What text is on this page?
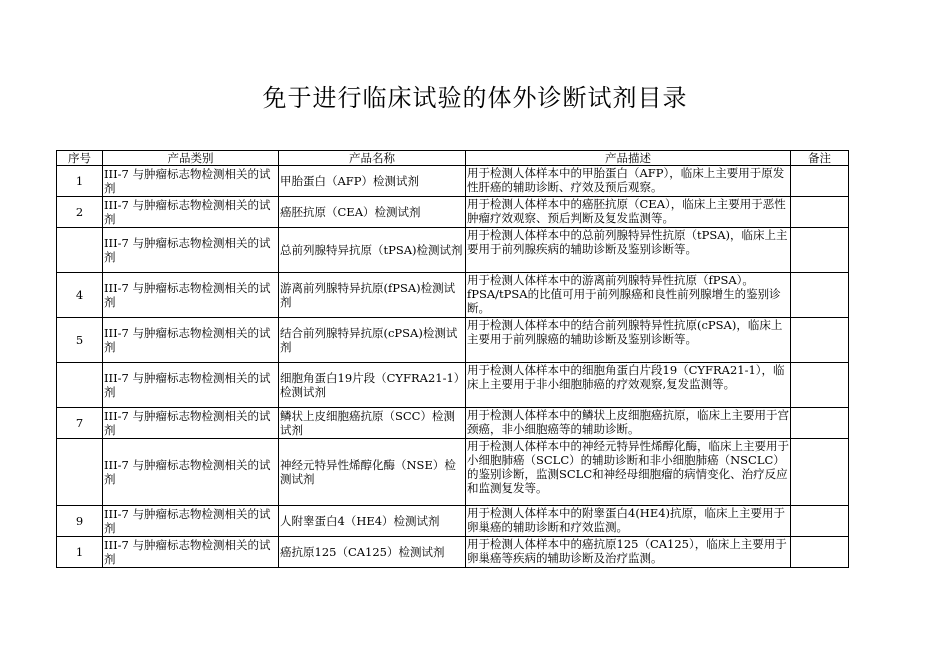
免于进行临床试验的体外诊断试剂目录
序号	产品类别	产品名称	产品描述	备注
1	III-7 与肿瘤标志物检测相关的试剂	甲胎蛋白（AFP）检测试剂	用于检测人体样本中的甲胎蛋白（AFP），临床上主要用于原发性肝癌的辅助诊断、疗效及预后观察。	
2	III-7 与肿瘤标志物检测相关的试剂	癌胚抗原（CEA）检测试剂	用于检测人体样本中的癌胚抗原（CEA），临床上主要用于恶性肿瘤疗效观察、预后判断及复发监测等。	
	III-7 与肿瘤标志物检测相关的试剂	总前列腺特异抗原（tPSA)检测试剂	用于检测人体样本中的总前列腺特异性抗原（tPSA)，临床上主要用于前列腺疾病的辅助诊断及鉴别诊断等。	
4	III-7 与肿瘤标志物检测相关的试剂	游离前列腺特异抗原(fPSA)检测试剂	用于检测人体样本中的游离前列腺特异性抗原（fPSA）。fPSA/tPSA的比值可用于前列腺癌和良性前列腺增生的鉴别诊断。	
5	III-7 与肿瘤标志物检测相关的试剂	结合前列腺特异抗原(cPSA)检测试剂	用于检测人体样本中的结合前列腺特异性抗原(cPSA)，临床上主要用于前列腺癌的辅助诊断及鉴别诊断等。	
	III-7 与肿瘤标志物检测相关的试剂	细胞角蛋白19片段（CYFRA21-1）检测试剂	用于检测人体样本中的细胞角蛋白片段19（CYFRA21-1），临床上主要用于非小细胞肺癌的疗效观察,复发监测等。	
7	III-7 与肿瘤标志物检测相关的试剂	鳞状上皮细胞癌抗原（SCC）检测试剂	用于检测人体样本中的鳞状上皮细胞癌抗原，临床上主要用于宫颈癌，非小细胞癌等的辅助诊断。	
	III-7 与肿瘤标志物检测相关的试剂	神经元特异性烯醇化酶（NSE）检测试剂	用于检测人体样本中的神经元特异性烯醇化酶，临床上主要用于小细胞肺癌（SCLC）的辅助诊断和非小细胞肺癌（NSCLC）的鉴别诊断，监测SCLC和神经母细胞瘤的病情变化、治疗反应和监测复发等。	
9	III-7 与肿瘤标志物检测相关的试剂	人附睾蛋白4（HE4）检测试剂	用于检测人体样本中的附睾蛋白4(HE4)抗原，临床上主要用于卵巢癌的辅助诊断和疗效监测。	
1	III-7 与肿瘤标志物检测相关的试剂	癌抗原125（CA125）检测试剂	用于检测人体样本中的癌抗原125（CA125），临床上主要用于卵巢癌等疾病的辅助诊断及治疗监测。	
